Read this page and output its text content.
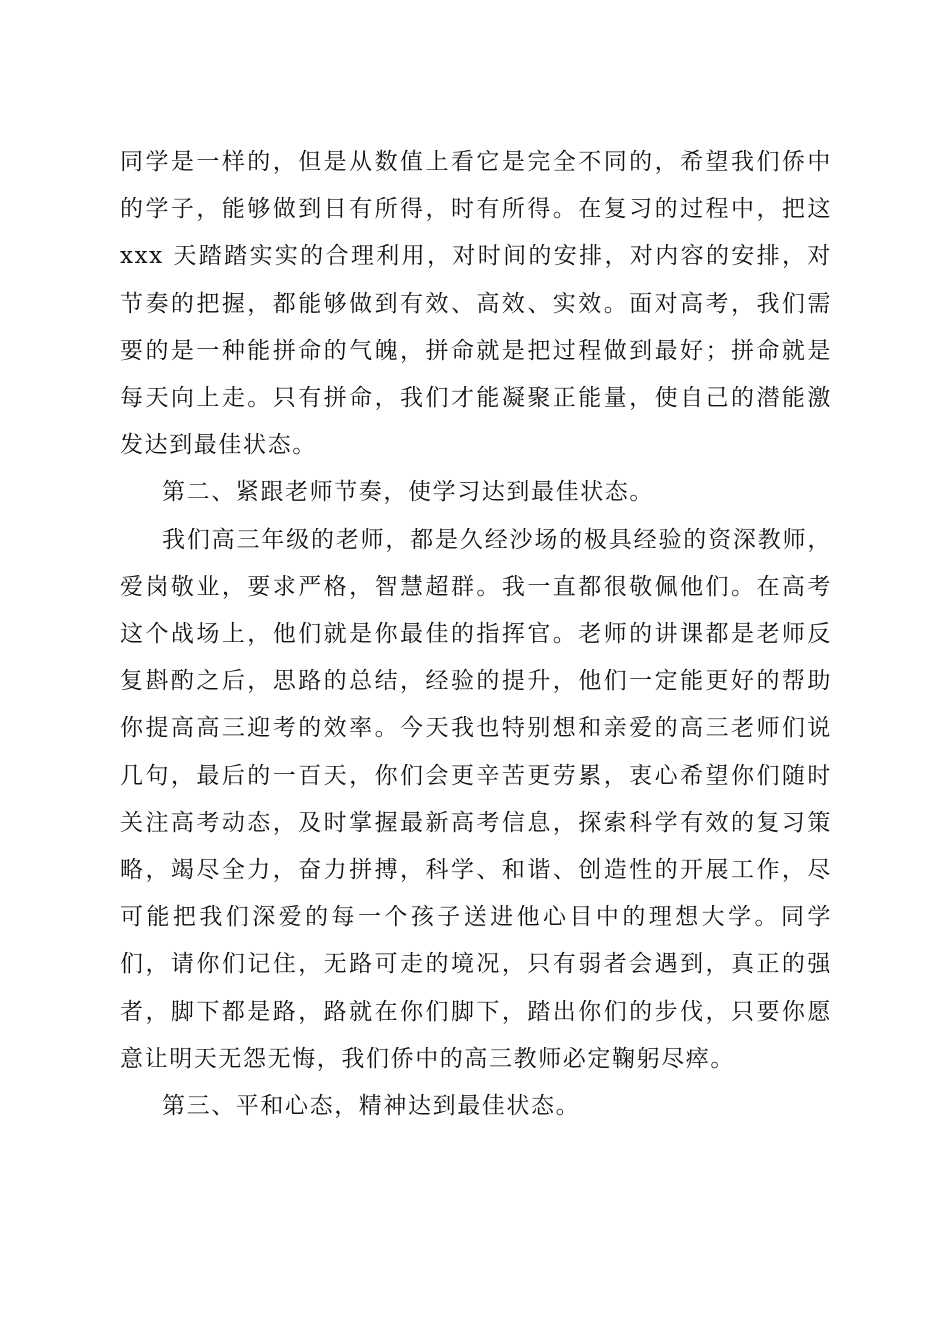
同学是一样的，但是从数值上看它是完全不同的，希望我们侨中的学子，能够做到日有所得，时有所得。在复习的过程中，把这 xxx 天踏踏实实的合理利用，对时间的安排，对内容的安排，对节奏的把握，都能够做到有效、高效、实效。面对高考，我们需要的是一种能拼命的气魄，拼命就是把过程做到最好；拼命就是每天向上走。只有拼命，我们才能凝聚正能量，使自己的潜能激发达到最佳状态。

第二、紧跟老师节奏，使学习达到最佳状态。

我们高三年级的老师，都是久经沙场的极具经验的资深教师，爱岗敬业，要求严格，智慧超群。我一直都很敬佩他们。在高考这个战场上，他们就是你最佳的指挥官。老师的讲课都是老师反复斟酌之后，思路的总结，经验的提升，他们一定能更好的帮助你提高高三迎考的效率。今天我也特别想和亲爱的高三老师们说几句，最后的一百天，你们会更辛苦更劳累，衷心希望你们随时关注高考动态，及时掌握最新高考信息，探索科学有效的复习策略，竭尽全力，奋力拼搏，科学、和谐、创造性的开展工作，尽可能把我们深爱的每一个孩子送进他心目中的理想大学。同学们，请你们记住，无路可走的境况，只有弱者会遇到，真正的强者，脚下都是路，路就在你们脚下，踏出你们的步伐，只要你愿意让明天无怨无悔，我们侨中的高三教师必定鞠躬尽瘁。

第三、平和心态，精神达到最佳状态。
